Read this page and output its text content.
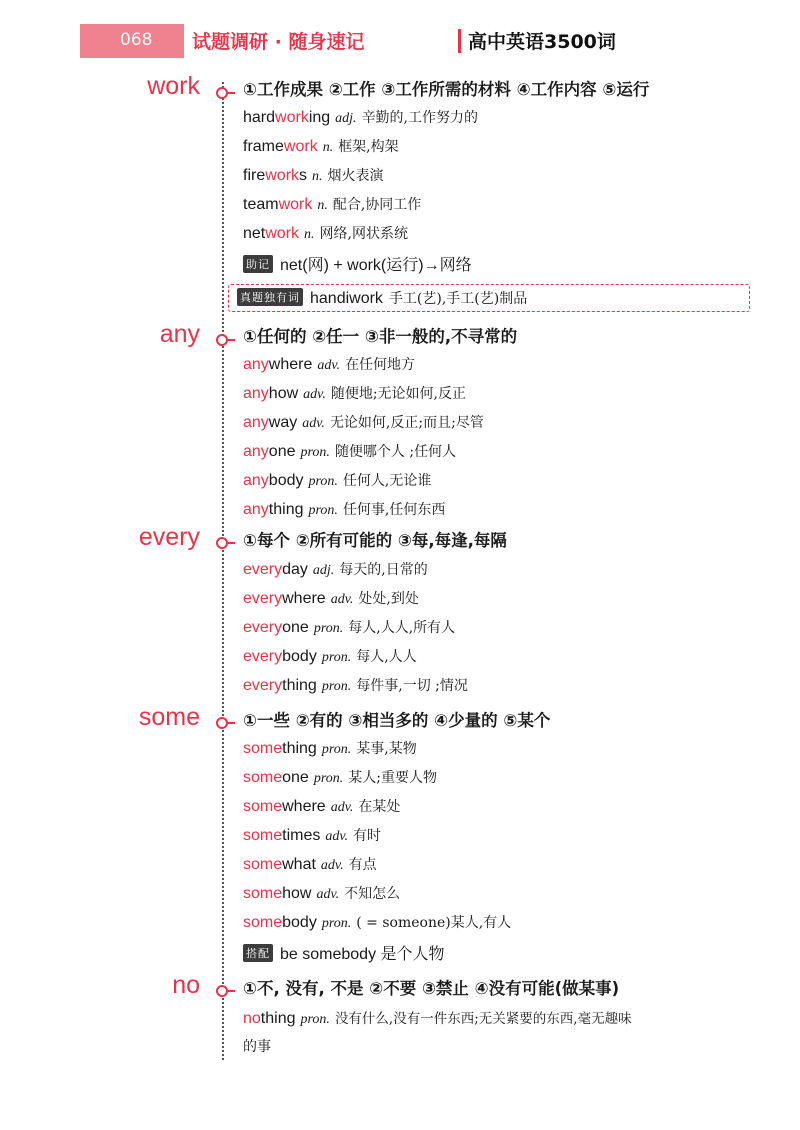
068 试题调研 · 随身速记	高中英语3500词
work	①工作成果 ②工作 ③工作所需的材料 ④工作内容 ⑤运行
hardworking adj. 辛勤的,工作努力的
framework n. 框架,构架
fireworks n. 烟火表演
teamwork n. 配合,协同工作
network n. 网络,网状系统
助记 net(网) + work(运行)→网络
真题独有词 handiwork 手工(艺),手工(艺)制品
any	①任何的 ②任一 ③非一般的,不寻常的
anywhere adv. 在任何地方
anyhow adv. 随便地;无论如何,反正
anyway adv. 无论如何,反正;而且;尽管
anyone pron. 随便哪个人 ;任何人
anybody pron. 任何人,无论谁
anything pron. 任何事,任何东西
every	①每个 ②所有可能的 ③每,每逢,每隔
everyday adj. 每天的,日常的
everywhere adv. 处处,到处
everyone pron. 每人,人人,所有人
everybody pron. 每人,人人
everything pron. 每件事,一切 ;情况
some	①一些 ②有的 ③相当多的 ④少量的 ⑤某个
something pron. 某事,某物
someone pron. 某人;重要人物
somewhere adv. 在某处
sometimes adv. 有时
somewhat adv. 有点
somehow adv. 不知怎么
somebody pron. ( = someone)某人,有人
搭配 be somebody 是个人物
no	①不, 没有, 不是 ②不要 ③禁止 ④没有可能(做某事)
nothing pron. 没有什么,没有一件东西;无关紧要的东西,毫无趣味
的事
